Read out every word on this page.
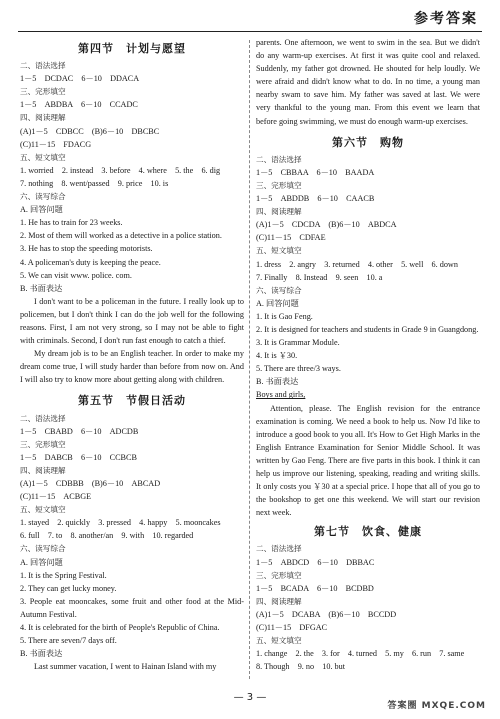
参考答案
第四节　计划与愿望
二、语法选择
1－5　DCDAC　6－10　DDACA
三、完形填空
1－5　ABDBA　6－10　CCADC
四、阅读理解
(A)1－5　CDBCC　(B)6－10　DBCBC
(C)11－15　FDACG
五、短文填空
1. worried　2. instead　3. before　4. where　5. the　6. dig
7. nothing　8. went/passed　9. price　10. is
六、读写综合
A. 回答问题
1. He has to train for 23 weeks.
2. Most of them will worked as a detective in a police station.
3. He has to stop the speeding motorists.
4. A policeman's duty is keeping the peace.
5. We can visit www. police. com.
B. 书面表达
I don't want to be a policeman in the future. I really look up to policemen, but I don't think I can do the job well for the following reasons. First, I am not very strong, so I may not be able to fight with criminals. Second, I don't run fast enough to catch a thief.
My dream job is to be an English teacher. In order to make my dream come true, I will study harder than before from now on. And I will also try to know more about getting along with children.
第五节　节假日活动
二、语法选择
1－5　CBABD　6－10　ADCDB
三、完形填空
1－5　DABCB　6－10　CCBCB
四、阅读理解
(A)1－5　CDBBB　(B)6－10　ABCAD
(C)11－15　ACBGE
五、短文填空
1. stayed　2. quickly　3. pressed　4. happy　5. mooncakes
6. full　7. to　8. another/an　9. with　10. regarded
六、读写综合
A. 回答问题
1. It is the Spring Festival.
2. They can get lucky money.
3. People eat mooncakes, some fruit and other food at the Mid-Autumn Festival.
4. It is celebrated for the birth of People's Republic of China.
5. There are seven/7 days off.
B. 书面表达
Last summer vacation, I went to Hainan Island with my
parents. One afternoon, we went to swim in the sea. But we didn't do any warm-up exercises. At first it was quite cool and relaxed. Suddenly, my father got drowned. He shouted for help loudly. We were afraid and didn't know what to do. In no time, a young man nearby swam to save him. My father was saved at last. We were very thankful to the young man. From this event we learn that before going swimming, we must do enough warm-up exercises.
第六节　购物
二、语法选择
1－5　CBBAA　6－10　BAADA
三、完形填空
1－5　ABDDB　6－10　CAACB
四、阅读理解
(A)1－5　CDCDA　(B)6－10　ABDCA
(C)11－15　CDFAE
五、短文填空
1. dress　2. angry　3. returned　4. other　5. well　6. down
7. Finally　8. Instead　9. seen　10. a
六、读写综合
A. 回答问题
1. It is Gao Feng.
2. It is designed for teachers and students in Grade 9 in Guangdong.
3. It is Grammar Module.
4. It is ￥30.
5. There are three/3 ways.
B. 书面表达
Boys and girls,
Attention, please. The English revision for the entrance examination is coming. We need a book to help us. Now I'd like to introduce a good book to you all. It's How to Get High Marks in the English Entrance Examination for Senior Middle School. It was written by Gao Feng. There are five parts in this book. I think it can help us improve our listening, speaking, reading and writing skills. It only costs you ￥30 at a special price. I hope that all of you go to the bookshop to get one this weekend. We will start our revision next week.
第七节　饮食、健康
二、语法选择
1－5　ABDCD　6－10　DBBAC
三、完形填空
1－5　BCADA　6－10　BCDBD
四、阅读理解
(A)1－5　DCABA　(B)6－10　BCCDD
(C)11－15　DFGAC
五、短文填空
1. change　2. the　3. for　4. turned　5. my　6. run　7. same
8. Though　9. no　10. but
— 3 —
答案圈 MXQE.COM
